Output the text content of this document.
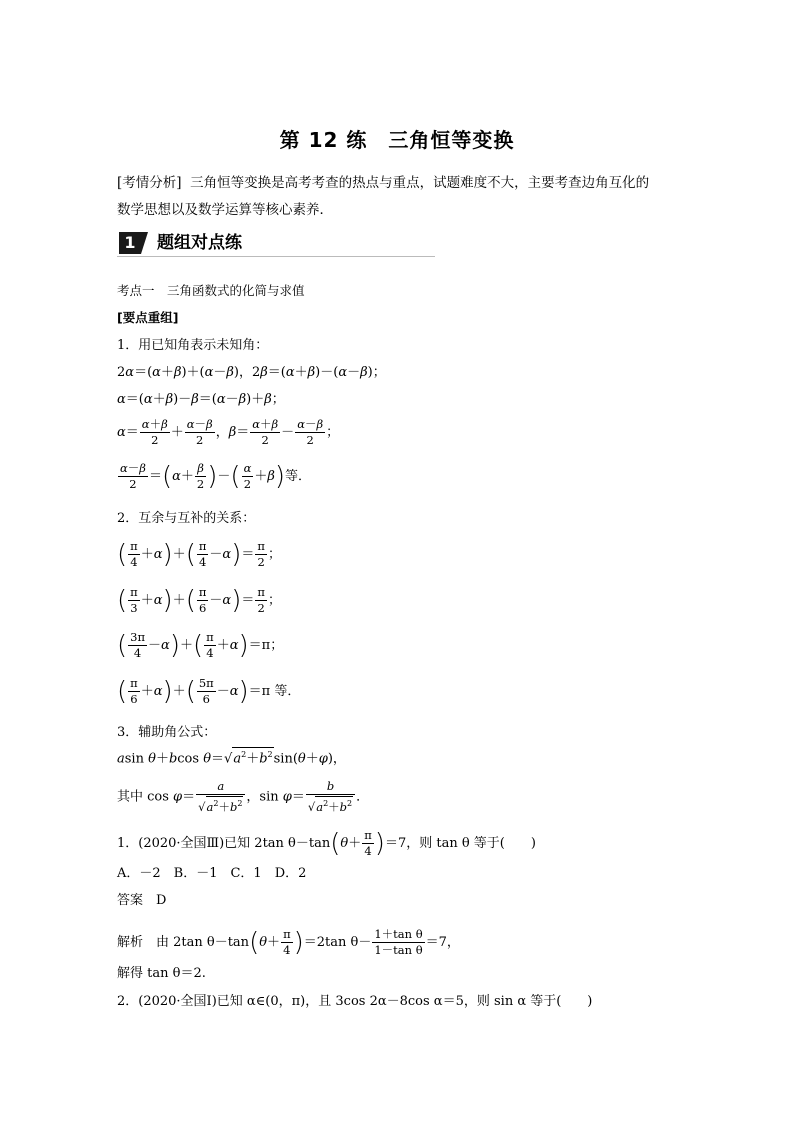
第 12 练　三角恒等变换
[考情分析] 三角恒等变换是高考考查的热点与重点，试题难度不大，主要考查边角互化的
数学思想以及数学运算等核心素养．
1	题组对点练
考点一　三角函数式的化简与求值
[要点重组]
1．用已知角表示未知角：
2α＝(α＋β)＋(α－β)，2β＝(α＋β)－(α－β)；
α＝(α＋β)－β＝(α－β)＋β；
$\alpha= \frac{\alpha+\beta}{2} + \frac{\alpha-\beta}{2}$ ，$\beta= \frac{\alpha+\beta}{2} - \frac{\alpha-\beta}{2}$ ；
$\frac{\alpha-\beta}{2} =(\alpha+ \frac{\beta}{2}$ )－( $\frac{\alpha}{2} +\beta$)等．
2．互余与互补的关系：
( $\frac{\pi}{4} +\alpha)+( \frac{\pi}{4} -\alpha)= \frac{\pi}{2}$ ；
( $\frac{\pi}{3} +\alpha)+( \frac{\pi}{6} -\alpha)= \frac{\pi}{2}$ ；
( $\frac{3\pi}{4} -\alpha)+( \frac{\pi}{4} +\alpha)=\pi$；
( $\frac{\pi}{6} +\alpha)+( \frac{5\pi}{6} -\alpha)=\pi$ 等．
3．辅助角公式：
asin θ＋bcos $\theta=√a^2+b^2\sin(\theta+\varphi)$，
其中 $\cos \varphi= \frac{a}{√a^2+b^2}$ ，$\sin \varphi= \frac{b}{√a^2+b^2}$ ．
1．(2020·全国Ⅲ)已知 2tan $\theta-\tan(\theta+ \frac{\pi}{4} )=7$，则 tan θ 等于(　　)
A．－2　B．－1　C．1　D．2
答案　D
解析　由 2tan $\theta-\tan(\theta+ \frac{\pi}{4} )=2\tan$ $\theta- \frac{\text{1＋tan θ}}{\text{1－tan θ}} =7$，
解得 tan θ＝2.
2．(2020·全国Ⅰ)已知 α∈(0，π)，且 3cos 2α－8cos α＝5，则 sin α 等于(　　)
